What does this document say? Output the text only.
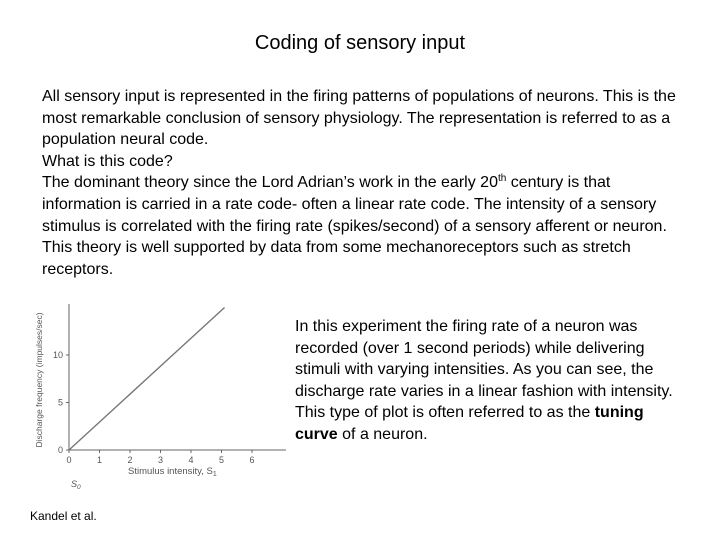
Coding of sensory input

All sensory input is represented in the firing patterns of populations of neurons. This is the most remarkable conclusion of sensory physiology. The representation is referred to as a population neural code.

What is this code?

The dominant theory since the Lord Adrian’s work in the early 20th century is that information is carried in a rate code- often a linear rate code. The intensity of a sensory stimulus is correlated with the firing rate (spikes/second) of a sensory afferent or neuron. This theory is well supported by data from some mechanoreceptors such as stretch receptors.

Discharge frequency (impulses/sec)
0
5
10
0	1	2	3	4	5	6
Stimulus intensity, $S_1$
$S_0$

In this experiment the firing rate of a neuron was recorded (over 1 second periods) while delivering stimuli with varying intensities. As you can see, the discharge rate varies in a linear fashion with intensity.

This type of plot is often referred to as the tuning curve of a neuron.

Kandel et al.
